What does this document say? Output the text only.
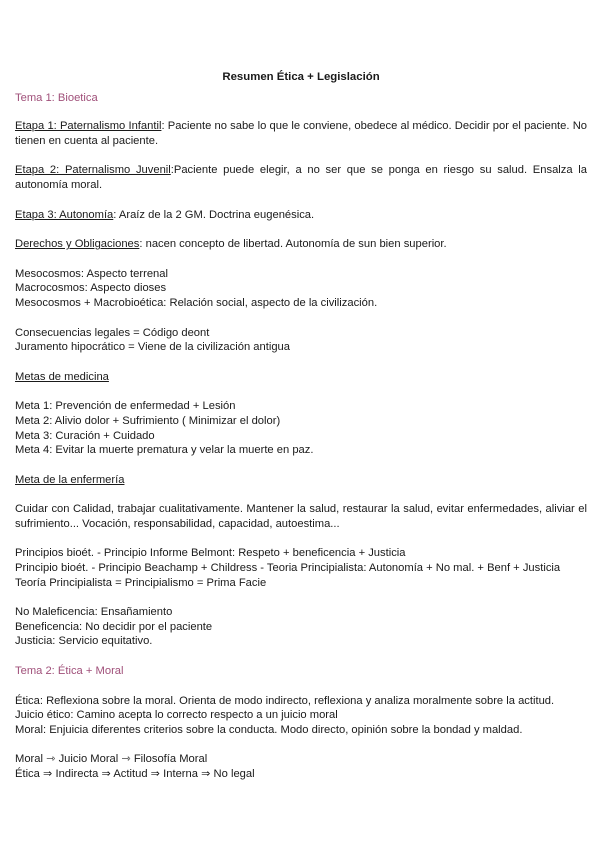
Resumen Ética + Legislación

Tema 1: Bioetica

Etapa 1: Paternalismo Infantil: Paciente no sabe lo que le conviene, obedece al médico. Decidir por el paciente. No tienen en cuenta al paciente.

Etapa 2: Paternalismo Juvenil:Paciente puede elegir, a no ser que se ponga en riesgo su salud. Ensalza la autonomía moral.

Etapa 3: Autonomía: Araíz de la 2 GM. Doctrina eugenésica.

Derechos y Obligaciones: nacen concepto de libertad. Autonomía de sun bien superior.

Mesocosmos: Aspecto terrenal

Macrocosmos: Aspecto dioses

Mesocosmos + Macrobioética: Relación social, aspecto de la civilización.

Consecuencias legales = Código deont

Juramento hipocrático = Viene de la civilización antigua

Metas de medicina

Meta 1: Prevención de enfermedad + Lesión

Meta 2: Alivio dolor + Sufrimiento ( Minimizar el dolor)

Meta 3: Curación + Cuidado

Meta 4: Evitar la muerte prematura y velar la muerte en paz.

Meta de la enfermería

Cuidar con Calidad, trabajar cualitativamente. Mantener la salud, restaurar la salud, evitar enfermedades, aliviar el sufrimiento... Vocación, responsabilidad, capacidad, autoestima...

Principios bioét. - Principio Informe Belmont: Respeto + beneficencia + Justicia

Principio bioét. - Principio Beachamp + Childress - Teoria Principialista: Autonomía + No mal. + Benf + Justicia

Teoría Principialista = Principialismo = Prima Facie

No Maleficencia: Ensañamiento

Beneficencia: No decidir por el paciente

Justicia: Servicio equitativo.

Tema 2: Ética + Moral

Ética: Reflexiona sobre la moral. Orienta de modo indirecto, reflexiona y analiza moralmente sobre la actitud.

Juicio ético: Camino acepta lo correcto respecto a un juicio moral

Moral: Enjuicia diferentes criterios sobre la conducta. Modo directo, opinión sobre la bondad y maldad.

Moral ⇾ Juicio Moral ⇾ Filosofía Moral

Ética ⇒ Indirecta ⇒ Actitud ⇒ Interna ⇒ No legal
